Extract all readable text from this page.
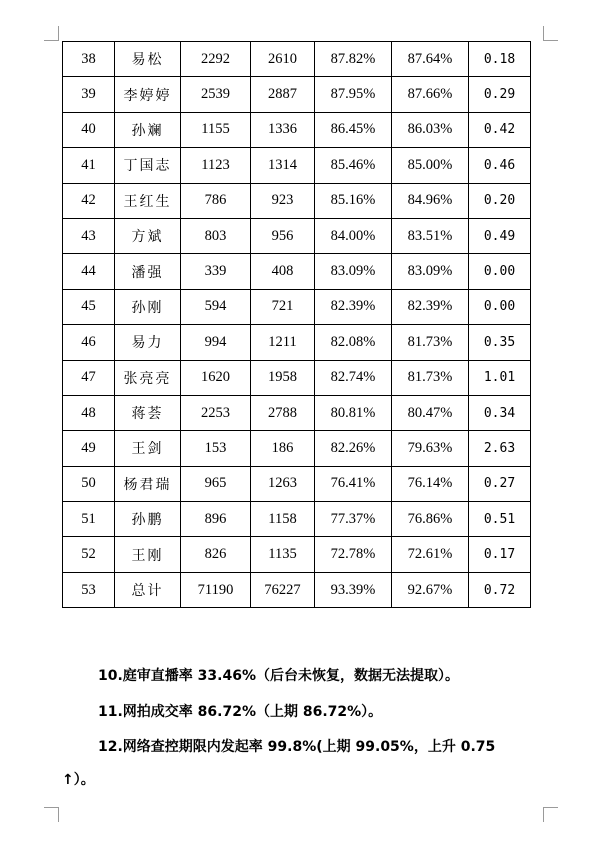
38	易松	2292	2610	87.82%	87.64%	0.18
39	李婷婷	2539	2887	87.95%	87.66%	0.29
40	孙斓	1155	1336	86.45%	86.03%	0.42
41	丁国志	1123	1314	85.46%	85.00%	0.46
42	王红生	786	923	85.16%	84.96%	0.20
43	方斌	803	956	84.00%	83.51%	0.49
44	潘强	339	408	83.09%	83.09%	0.00
45	孙刚	594	721	82.39%	82.39%	0.00
46	易力	994	1211	82.08%	81.73%	0.35
47	张亮亮	1620	1958	82.74%	81.73%	1.01
48	蒋荟	2253	2788	80.81%	80.47%	0.34
49	王剑	153	186	82.26%	79.63%	2.63
50	杨君瑞	965	1263	76.41%	76.14%	0.27
51	孙鹏	896	1158	77.37%	76.86%	0.51
52	王刚	826	1135	72.78%	72.61%	0.17
53	总计	71190	76227	93.39%	92.67%	0.72
10.庭审直播率 33.46%（后台未恢复，数据无法提取）。
11.网拍成交率 86.72%（上期 86.72%）。
12.网络查控期限内发起率 99.8%(上期 99.05%，上升 0.75
↑）。
